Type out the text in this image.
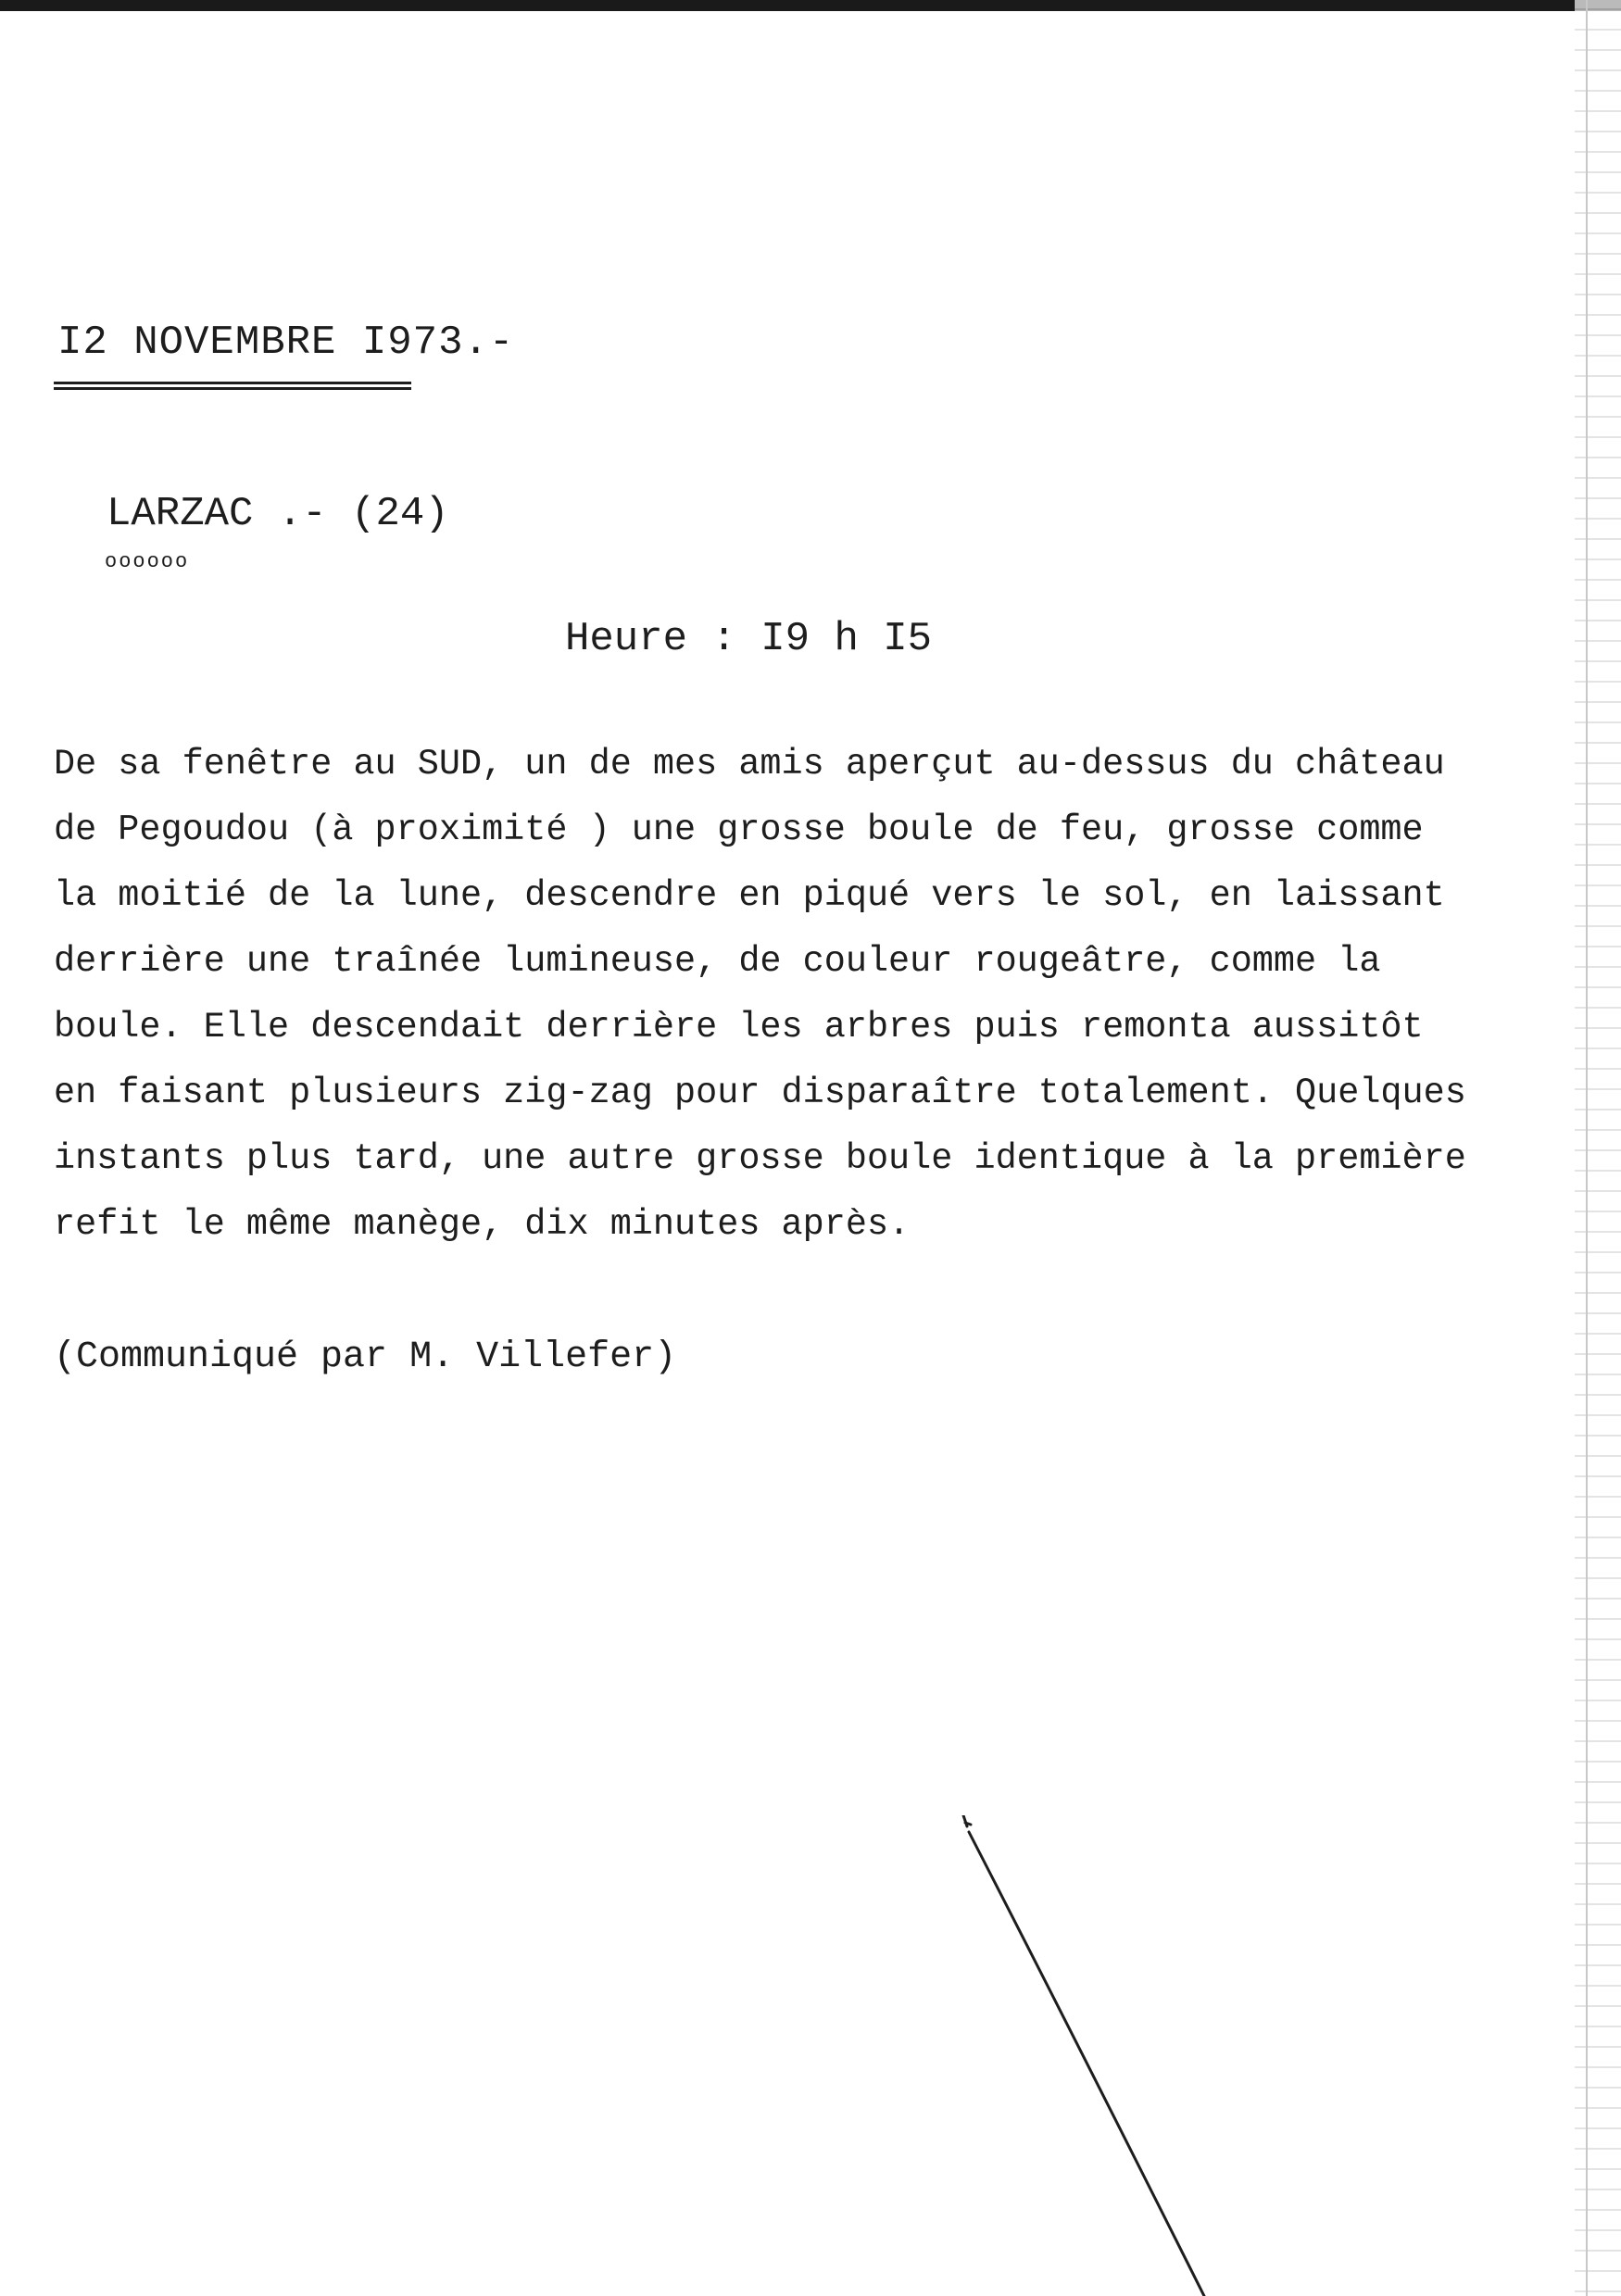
I2 NOVEMBRE I973.-
LARZAC .- (24)
oooooo
Heure : I9 h I5

De sa fenêtre au SUD, un de mes amis aperçut au-dessus du château
de Pegoudou (à proximité ) une grosse boule de feu, grosse comme
la moitié de la lune, descendre en piqué vers le sol, en laissant
derrière une traînée lumineuse, de couleur rougeâtre, comme la
boule. Elle descendait derrière les arbres puis remonta aussitôt
en faisant plusieurs zig-zag pour disparaître totalement. Quelques
instants plus tard, une autre grosse boule identique à la première
refit le même manège, dix minutes après.

(Communiqué par M. Villefer)
